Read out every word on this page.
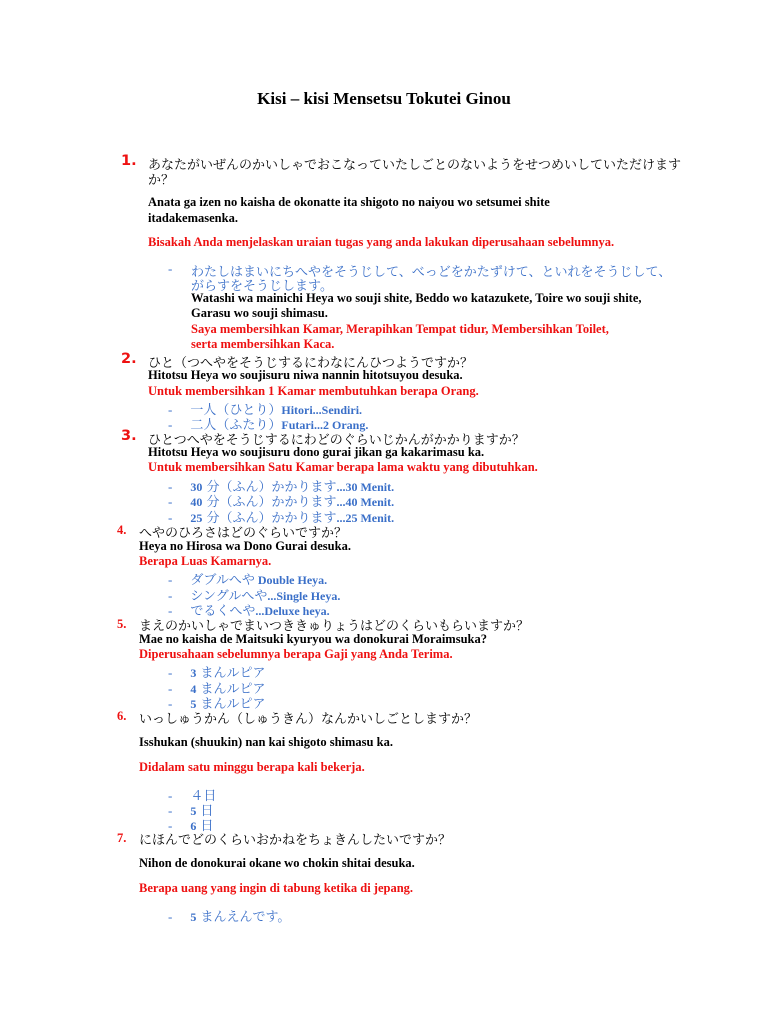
Kisi – kisi Mensetsu Tokutei Ginou
1. あなたがいぜんのかいしゃでおこなっていたしごとのないようをせつめいしていただけます
か？
Anata ga izen no kaisha de okonatte ita shigoto no naiyou wo setsumei shite
itadakemasenka.
Bisakah Anda menjelaskan uraian tugas yang anda lakukan diperusahaan sebelumnya.
- わたしはまいにちへやをそうじして、べっどをかたずけて、といれをそうじして、
がらすをそうじします。
Watashi wa mainichi Heya wo souji shite, Beddo wo katazukete, Toire wo souji shite,
Garasu wo souji shimasu.
Saya membersihkan Kamar, Merapihkan Tempat tidur, Membersihkan Toilet,
serta membersihkan Kaca.
2. ひと（つへやをそうじするにわなにんひつようですか？
Hitotsu Heya wo soujisuru niwa nannin hitotsuyou desuka.
Untuk membersihkan 1 Kamar membutuhkan berapa Orang.
- 一人（ひとり）Hitori...Sendiri.
- 二人（ふたり）Futari...2 Orang.
3. ひとつへやをそうじするにわどのぐらいじかんがかかりますか？
Hitotsu Heya wo soujisuru dono gurai jikan ga kakarimasu ka.
Untuk membersihkan Satu Kamar berapa lama waktu yang dibutuhkan.
- 30 分（ふん）かかります...30 Menit.
- 40 分（ふん）かかります...40 Menit.
- 25 分（ふん）かかります...25 Menit.
4. へやのひろさはどのぐらいですか？
Heya no Hirosa wa Dono Gurai desuka.
Berapa Luas Kamarnya.
- ダブルへや Double Heya.
- シングルへや...Single Heya.
- でるくへや...Deluxe heya.
5. まえのかいしゃでまいつききゅりょうはどのくらいもらいますか？
Mae no kaisha de Maitsuki kyuryou wa donokurai Moraimsuka?
Diperusahaan sebelumnya berapa Gaji yang Anda Terima.
- 3 まんルピア
- 4 まんルピア
- 5 まんルピア
6. いっしゅうかん（しゅうきん）なんかいしごとしますか？
Isshukan (shuukin) nan kai shigoto shimasu ka.
Didalam satu minggu berapa kali bekerja.
- ４日
- 5 日
- 6 日
7. にほんでどのくらいおかねをちょきんしたいですか？
Nihon de donokurai okane wo chokin shitai desuka.
Berapa uang yang ingin di tabung ketika di jepang.
- 5 まんえんです。
